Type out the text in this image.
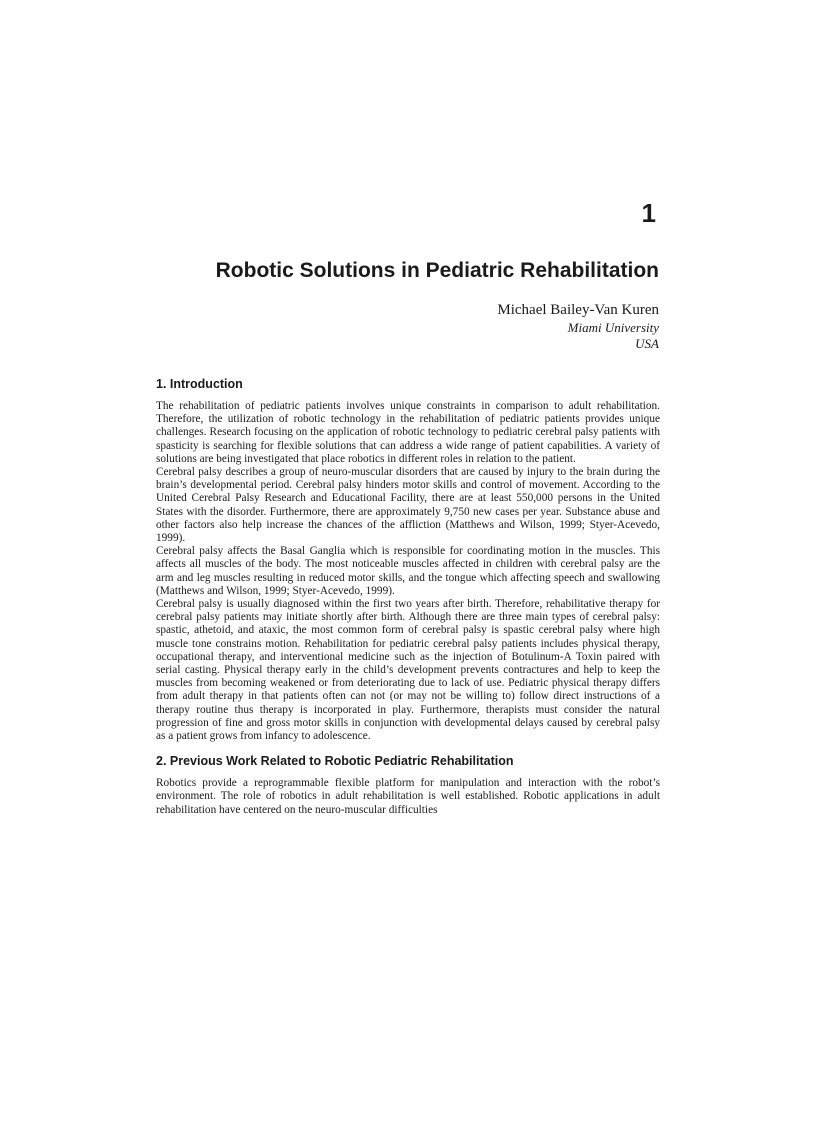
1
Robotic Solutions in Pediatric Rehabilitation
Michael Bailey-Van Kuren
Miami University
USA
1. Introduction

The rehabilitation of pediatric patients involves unique constraints in comparison to adult rehabilitation. Therefore, the utilization of robotic technology in the rehabilitation of pediatric patients provides unique challenges. Research focusing on the application of robotic technology to pediatric cerebral palsy patients with spasticity is searching for flexible solutions that can address a wide range of patient capabilities. A variety of solutions are being investigated that place robotics in different roles in relation to the patient.

Cerebral palsy describes a group of neuro-muscular disorders that are caused by injury to the brain during the brain’s developmental period. Cerebral palsy hinders motor skills and control of movement. According to the United Cerebral Palsy Research and Educational Facility, there are at least 550,000 persons in the United States with the disorder. Furthermore, there are approximately 9,750 new cases per year. Substance abuse and other factors also help increase the chances of the affliction (Matthews and Wilson, 1999; Styer-Acevedo, 1999).

Cerebral palsy affects the Basal Ganglia which is responsible for coordinating motion in the muscles. This affects all muscles of the body. The most noticeable muscles affected in children with cerebral palsy are the arm and leg muscles resulting in reduced motor skills, and the tongue which affecting speech and swallowing (Matthews and Wilson, 1999; Styer-Acevedo, 1999).

Cerebral palsy is usually diagnosed within the first two years after birth. Therefore, rehabilitative therapy for cerebral palsy patients may initiate shortly after birth. Although there are three main types of cerebral palsy: spastic, athetoid, and ataxic, the most common form of cerebral palsy is spastic cerebral palsy where high muscle tone constrains motion. Rehabilitation for pediatric cerebral palsy patients includes physical therapy, occupational therapy, and interventional medicine such as the injection of Botulinum-A Toxin paired with serial casting. Physical therapy early in the child’s development prevents contractures and help to keep the muscles from becoming weakened or from deteriorating due to lack of use. Pediatric physical therapy differs from adult therapy in that patients often can not (or may not be willing to) follow direct instructions of a therapy routine thus therapy is incorporated in play. Furthermore, therapists must consider the natural progression of fine and gross motor skills in conjunction with developmental delays caused by cerebral palsy as a patient grows from infancy to adolescence.

2. Previous Work Related to Robotic Pediatric Rehabilitation

Robotics provide a reprogrammable flexible platform for manipulation and interaction with the robot’s environment. The role of robotics in adult rehabilitation is well established. Robotic applications in adult rehabilitation have centered on the neuro-muscular difficulties
